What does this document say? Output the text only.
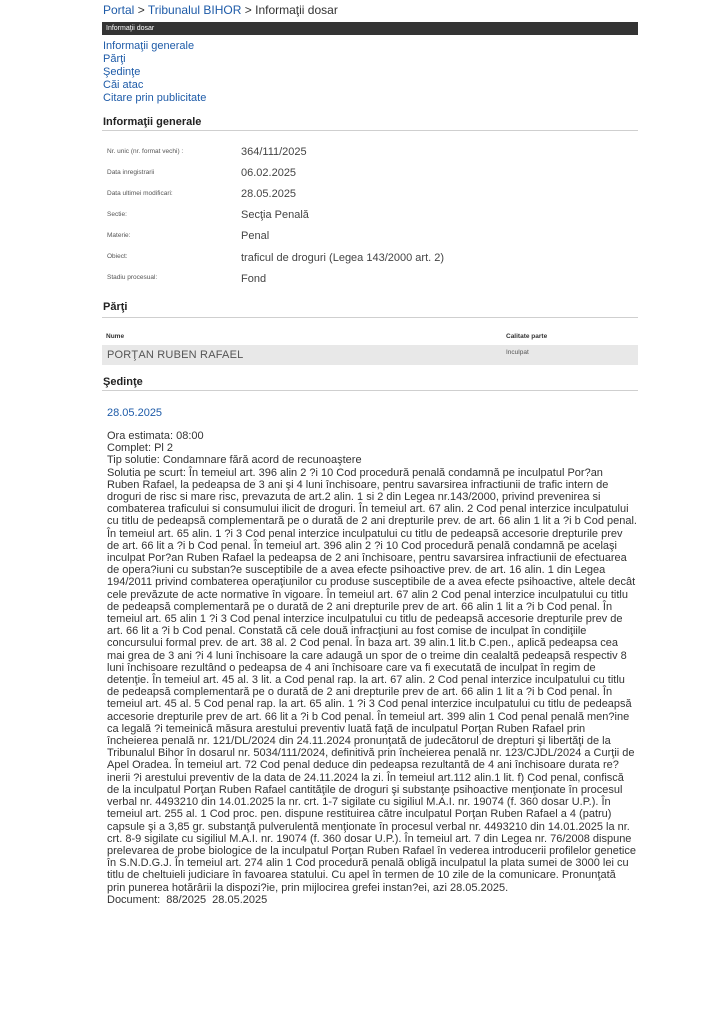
Portal > Tribunalul BIHOR > Informaţii dosar
Informaţii dosar
Informaţii generale
Părţi
Şedinţe
Căi atac
Citare prin publicitate
Informaţii generale
Nr. unic (nr. format vechi) :	364/111/2025
Data inregistrarii	06.02.2025
Data ultimei modificari:	28.05.2025
Sectie:	Secţia Penală
Materie:	Penal
Obiect:	traficul de droguri (Legea 143/2000 art. 2)
Stadiu procesual:	Fond
Părţi
Nume	Calitate parte
PORŢAN RUBEN RAFAEL	Inculpat
Şedinţe
28.05.2025
Ora estimata: 08:00
Complet: Pl 2
Tip solutie: Condamnare fără acord de recunoaştere
Solutia pe scurt: În temeiul art. 396 alin 2 ?i 10 Cod procedură penală condamnă pe inculpatul Por?an Ruben Rafael, la pedeapsa de 3 ani şi 4 luni închisoare, pentru savarsirea infractiunii de trafic intern de droguri de risc si mare risc, prevazuta de art.2 alin. 1 si 2 din Legea nr.143/2000, privind prevenirea si combaterea traficului si consumului ilicit de droguri. În temeiul art. 67 alin. 2 Cod penal interzice inculpatului cu titlu de pedeapsă complementară pe o durată de 2 ani drepturile prev. de art. 66 alin 1 lit a ?i b Cod penal. În temeiul art. 65 alin. 1 ?i 3 Cod penal interzice inculpatului cu titlu de pedeapsă accesorie drepturile prev de art. 66 lit a ?i b Cod penal. În temeiul art. 396 alin 2 ?i 10 Cod procedură penală condamnă pe acelaşi inculpat Por?an Ruben Rafael la pedeapsa de 2 ani închisoare, pentru savarsirea infractiunii de efectuarea de opera?iuni cu substan?e susceptibile de a avea efecte psihoactive prev. de art. 16 alin. 1 din Legea 194/2011 privind combaterea operaţiunilor cu produse susceptibile de a avea efecte psihoactive, altele decât cele prevăzute de acte normative în vigoare. În temeiul art. 67 alin 2 Cod penal interzice inculpatului cu titlu de pedeapsă complementară pe o durată de 2 ani drepturile prev de art. 66 alin 1 lit a ?i b Cod penal. În temeiul art. 65 alin 1 ?i 3 Cod penal interzice inculpatului cu titlu de pedeapsă accesorie drepturile prev de art. 66 lit a ?i b Cod penal. Constată că cele două infracţiuni au fost comise de inculpat în condiţiile concursului formal prev. de art. 38 al. 2 Cod penal. În baza art. 39 alin.1 lit.b C.pen., aplică pedeapsa cea mai grea de 3 ani ?i 4 luni închisoare la care adaugă un spor de o treime din cealaltă pedeapsă respectiv 8 luni închisoare rezultând o pedeapsa de 4 ani închisoare care va fi executată de inculpat în regim de detenţie. În temeiul art. 45 al. 3 lit. a Cod penal rap. la art. 67 alin. 2 Cod penal interzice inculpatului cu titlu de pedeapsă complementară pe o durată de 2 ani drepturile prev de art. 66 alin 1 lit a ?i b Cod penal. În temeiul art. 45 al. 5 Cod penal rap. la art. 65 alin. 1 ?i 3 Cod penal interzice inculpatului cu titlu de pedeapsă accesorie drepturile prev de art. 66 lit a ?i b Cod penal. În temeiul art. 399 alin 1 Cod penal penală men?ine ca legală ?i temeinică măsura arestului preventiv luată faţă de inculpatul Porţan Ruben Rafael prin încheierea penală nr. 121/DL/2024 din 24.11.2024 pronunţată de judecătorul de drepturi şi libertăţi de la Tribunalul Bihor în dosarul nr. 5034/111/2024, definitivă prin încheierea penală nr. 123/CJDL/2024 a Curţii de Apel Oradea. În temeiul art. 72 Cod penal deduce din pedeapsa rezultantă de 4 ani închisoare durata re?inerii ?i arestului preventiv de la data de 24.11.2024 la zi. În temeiul art.112 alin.1 lit. f) Cod penal, confiscă de la inculpatul Porţan Ruben Rafael cantităţile de droguri şi substanţe psihoactive menţionate în procesul verbal nr. 4493210 din 14.01.2025 la nr. crt. 1-7 sigilate cu sigiliul M.A.I. nr. 19074 (f. 360 dosar U.P.). În temeiul art. 255 al. 1 Cod proc. pen. dispune restituirea către inculpatul Porţan Ruben Rafael a 4 (patru) capsule şi a 3,85 gr. substanţă pulverulentă menţionate în procesul verbal nr. 4493210 din 14.01.2025 la nr. crt. 8-9 sigilate cu sigiliul M.A.I. nr. 19074 (f. 360 dosar U.P.). În temeiul art. 7 din Legea nr. 76/2008 dispune prelevarea de probe biologice de la inculpatul Porţan Ruben Rafael în vederea introducerii profilelor genetice în S.N.D.G.J. În temeiul art. 274 alin 1 Cod procedură penală obligă inculpatul la plata sumei de 3000 lei cu titlu de cheltuieli judiciare în favoarea statului. Cu apel în termen de 10 zile de la comunicare. Pronunţată prin punerea hotărârii la dispozi?ie, prin mijlocirea grefei instan?ei, azi 28.05.2025.
Document:  88/2025  28.05.2025
